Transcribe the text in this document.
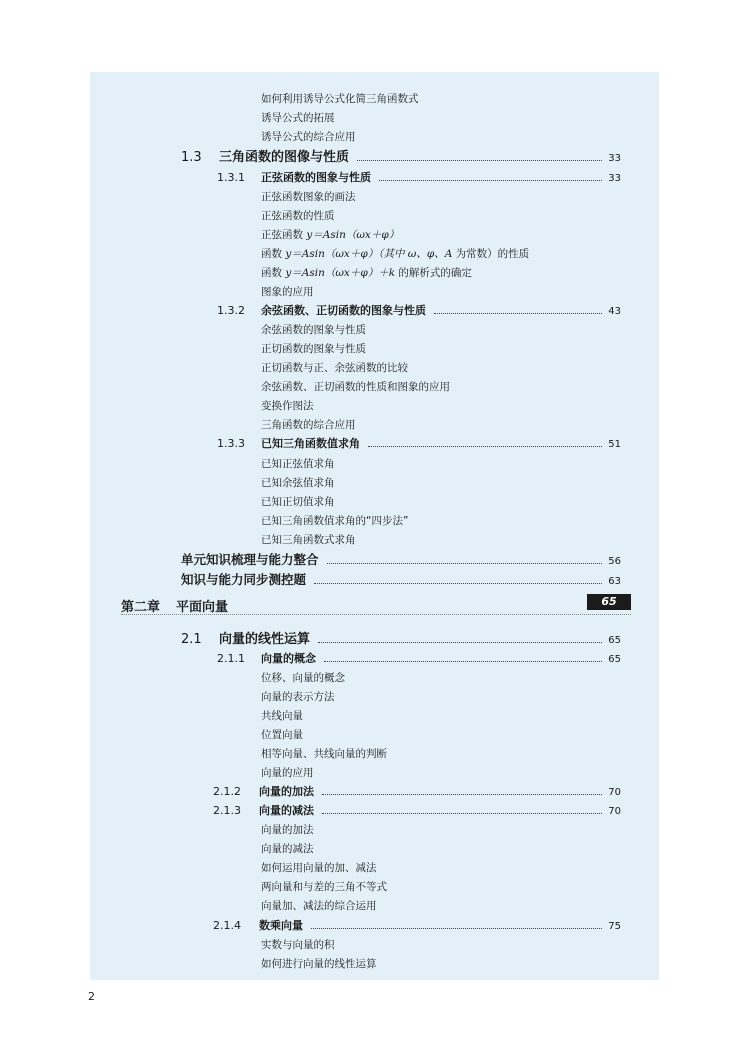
如何利用诱导公式化简三角函数式
诱导公式的拓展
诱导公式的综合应用
1.3	三角函数的图像与性质	33
1.3.1	正弦函数的图象与性质	33
正弦函数图象的画法
正弦函数的性质
正弦函数 y＝Asin（ωx＋φ）
函数 y＝Asin（ωx＋φ）（其中 ω、φ、A 为常数）的性质
函数 y＝Asin（ωx＋φ）＋k 的解析式的确定
图象的应用
1.3.2	余弦函数、正切函数的图象与性质	43
余弦函数的图象与性质
正切函数的图象与性质
正切函数与正、余弦函数的比较
余弦函数、正切函数的性质和图象的应用
变换作图法
三角函数的综合应用
1.3.3	已知三角函数值求角	51
已知正弦值求角
已知余弦值求角
已知正切值求角
已知三角函数值求角的“四步法”
已知三角函数式求角
单元知识梳理与能力整合	56
知识与能力同步测控题	63
第二章 平面向量	65
2.1	向量的线性运算	65
2.1.1	向量的概念	65
位移、向量的概念
向量的表示方法
共线向量
位置向量
相等向量、共线向量的判断
向量的应用
2.1.2	向量的加法	70
2.1.3	向量的减法	70
向量的加法
向量的减法
如何运用向量的加、减法
两向量和与差的三角不等式
向量加、减法的综合运用
2.1.4	数乘向量	75
实数与向量的积
如何进行向量的线性运算
2
